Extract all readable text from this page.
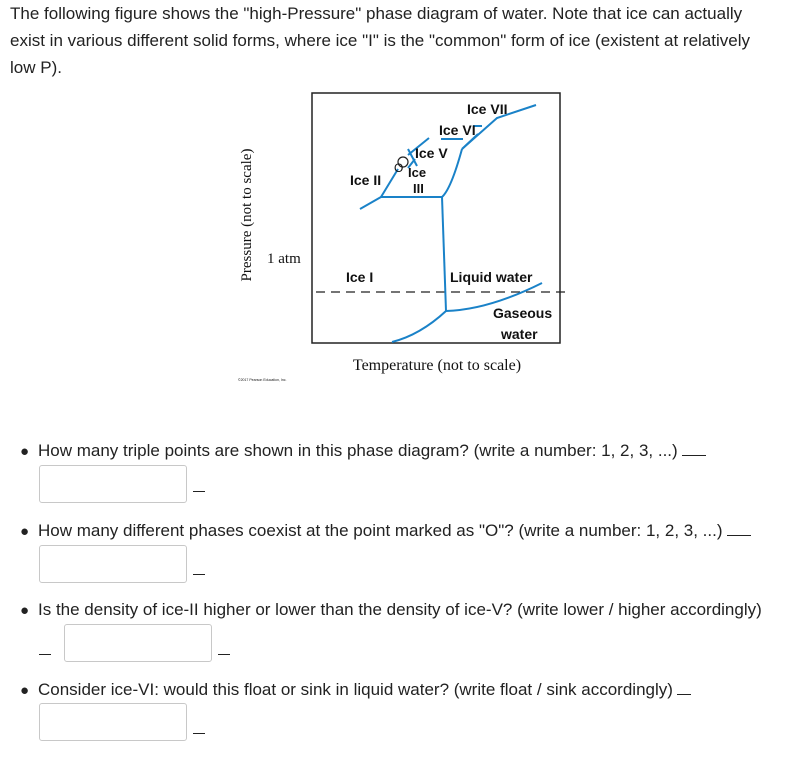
The following figure shows the "high-Pressure" phase diagram of water. Note that ice can actually exist in various different solid forms, where ice "I" is the "common" form of ice (existent at relatively low P).

O
Ice VII
Ice VI
Ice V
Ice II Ice
III
Ice I	Liquid water
Gaseous
water
1 atm
Pressure (not to scale)
Temperature (not to scale)
©2017 Pearson Education, Inc.
● How many triple points are shown in this phase diagram? (write a number: 1, 2, 3, ...)
● How many different phases coexist at the point marked as "O"? (write a number: 1, 2, 3, ...)
● Is the density of ice-II higher or lower than the density of ice-V? (write lower / higher accordingly)
● Consider ice-VI: would this float or sink in liquid water? (write float / sink accordingly)
